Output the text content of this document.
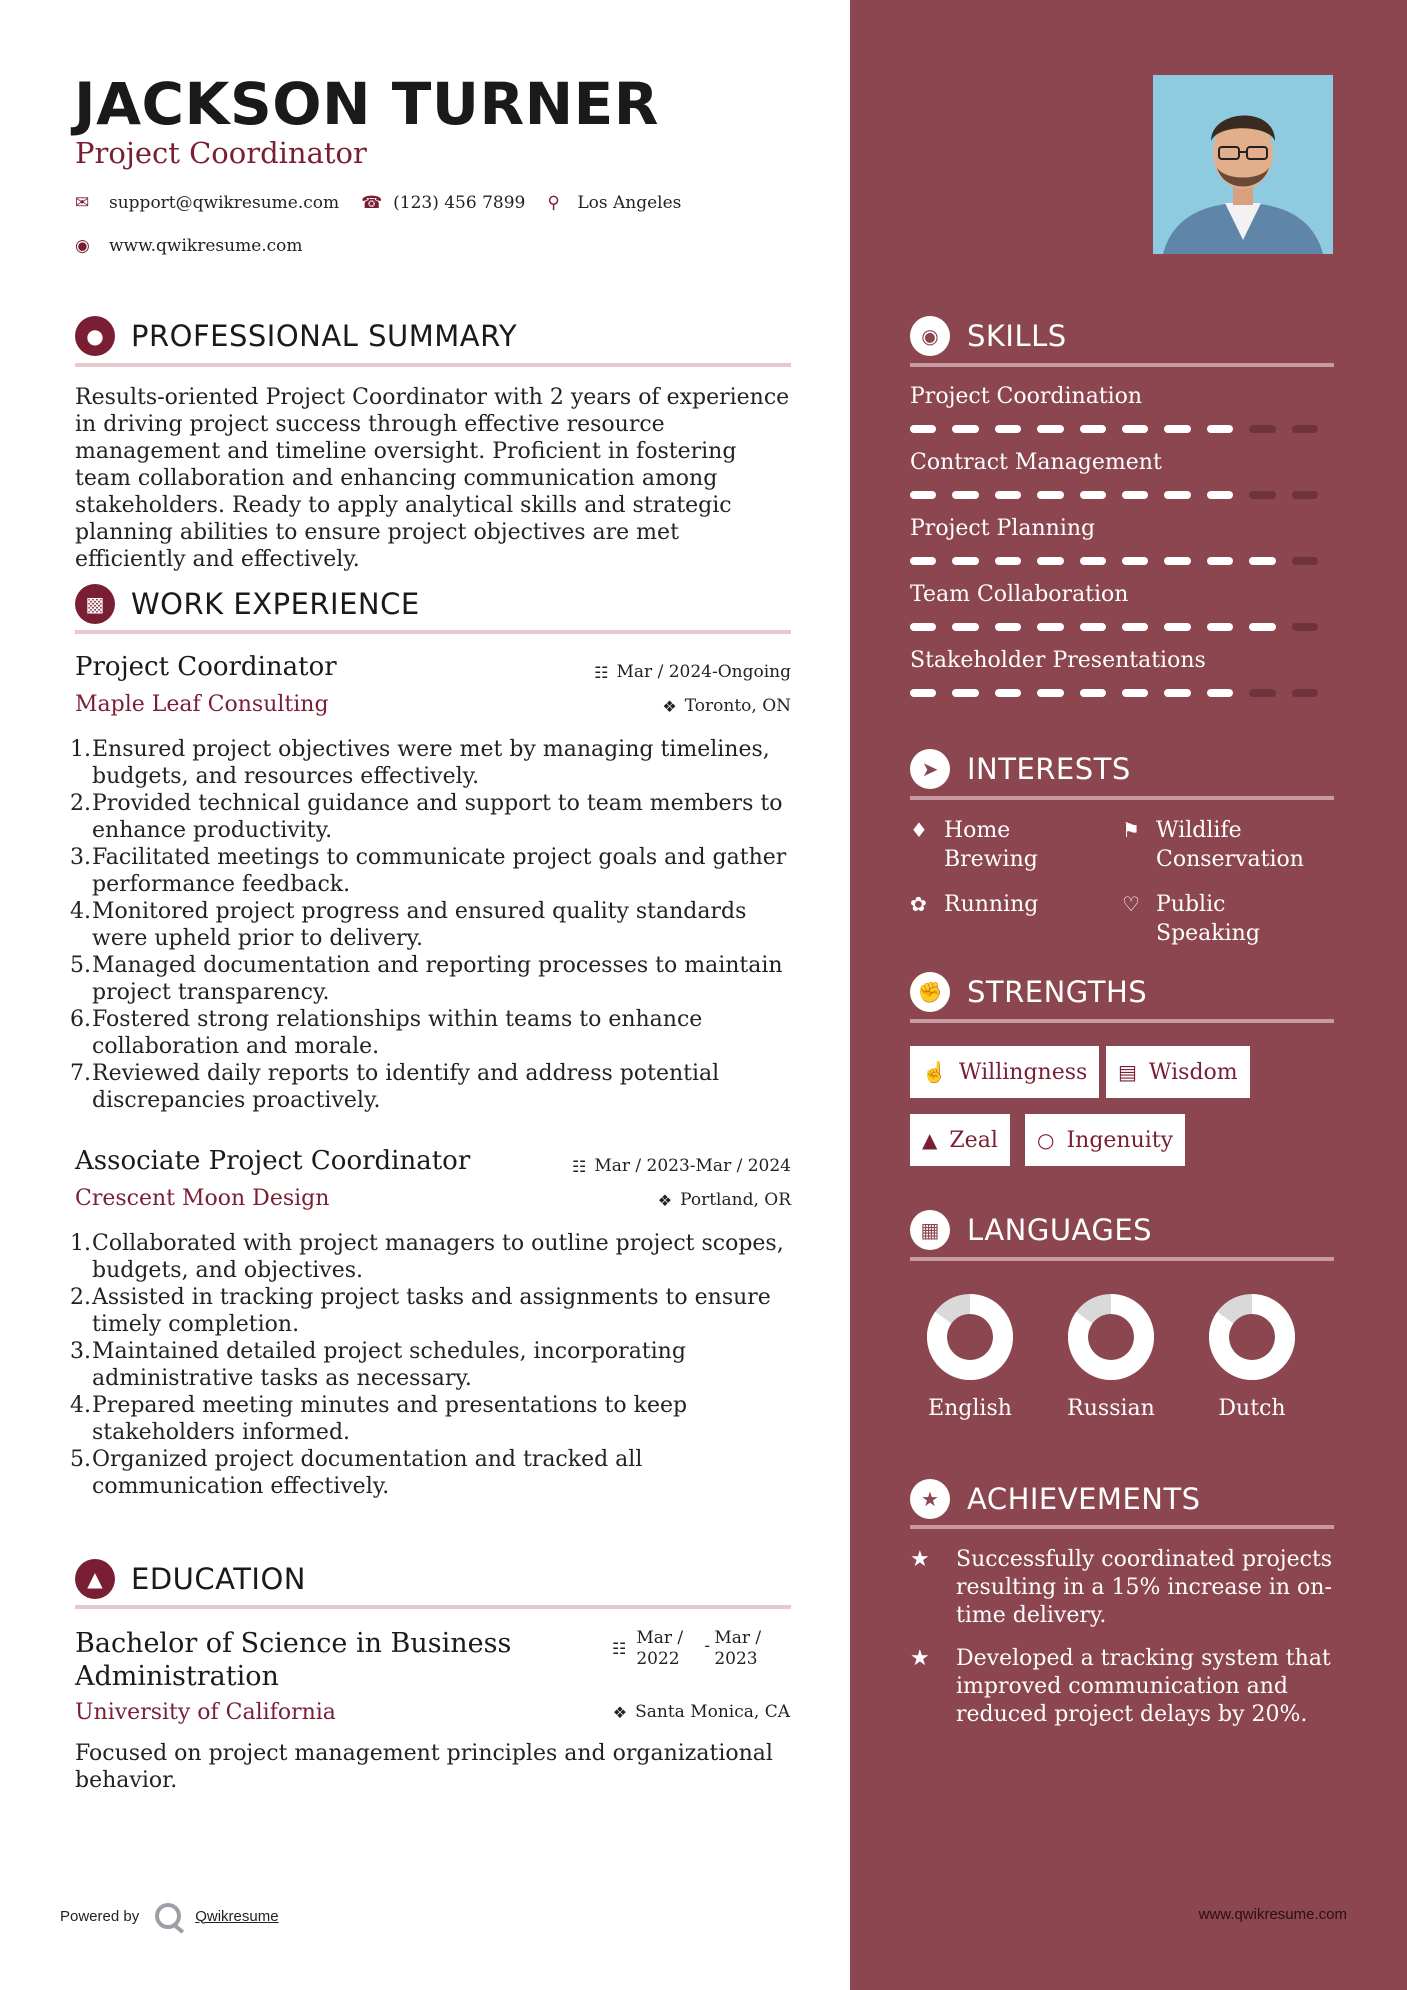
JACKSON TURNER
Project Coordinator
✉	support@qwikresume.com ☎ (123) 456 7899 ⚲	Los Angeles
◉	www.qwikresume.com
● PROFESSIONAL SUMMARY
Results-oriented Project Coordinator with 2 years of experience in driving project success through effective resource management and timeline oversight. Proficient in fostering team collaboration and enhancing communication among stakeholders. Ready to apply analytical skills and strategic planning abilities to ensure project objectives are met efficiently and effectively.
▩ WORK EXPERIENCE
Project Coordinator
Maple Leaf Consulting
☷ Mar / 2024-Ongoing
❖ Toronto, ON
1. Ensured project objectives were met by managing timelines, budgets, and resources effectively.
2. Provided technical guidance and support to team members to enhance productivity.
3. Facilitated meetings to communicate project goals and gather performance feedback.
4. Monitored project progress and ensured quality standards were upheld prior to delivery.
5. Managed documentation and reporting processes to maintain project transparency.
6. Fostered strong relationships within teams to enhance collaboration and morale.
7. Reviewed daily reports to identify and address potential discrepancies proactively.
Associate Project Coordinator
Crescent Moon Design
☷ Mar / 2023-Mar / 2024
❖ Portland, OR
1. Collaborated with project managers to outline project scopes, budgets, and objectives.
2. Assisted in tracking project tasks and assignments to ensure timely completion.
3. Maintained detailed project schedules, incorporating administrative tasks as necessary.
4. Prepared meeting minutes and presentations to keep stakeholders informed.
5. Organized project documentation and tracked all communication effectively.
▲ EDUCATION
Bachelor of Science in Business Administration
☷
Mar /
2022
- Mar /
2023
University of California	❖ Santa Monica, CA
Focused on project management principles and organizational behavior.
Powered by	Qwikresume
◉ SKILLS
Project Coordination
Contract Management
Project Planning
Team Collaboration
Stakeholder Presentations
➤ INTERESTS
♦ Home Brewing
⚑ Wildlife Conservation
✿ Running	♡ Public Speaking
✊ STRENGTHS
☝ Willingness ▤ Wisdom
▲ Zeal ○ Ingenuity
▦ LANGUAGES
English	Russian	Dutch
★ ACHIEVEMENTS
★	Successfully coordinated projects resulting in a 15% increase in on-time delivery.
★	Developed a tracking system that improved communication and reduced project delays by 20%.
www.qwikresume.com
